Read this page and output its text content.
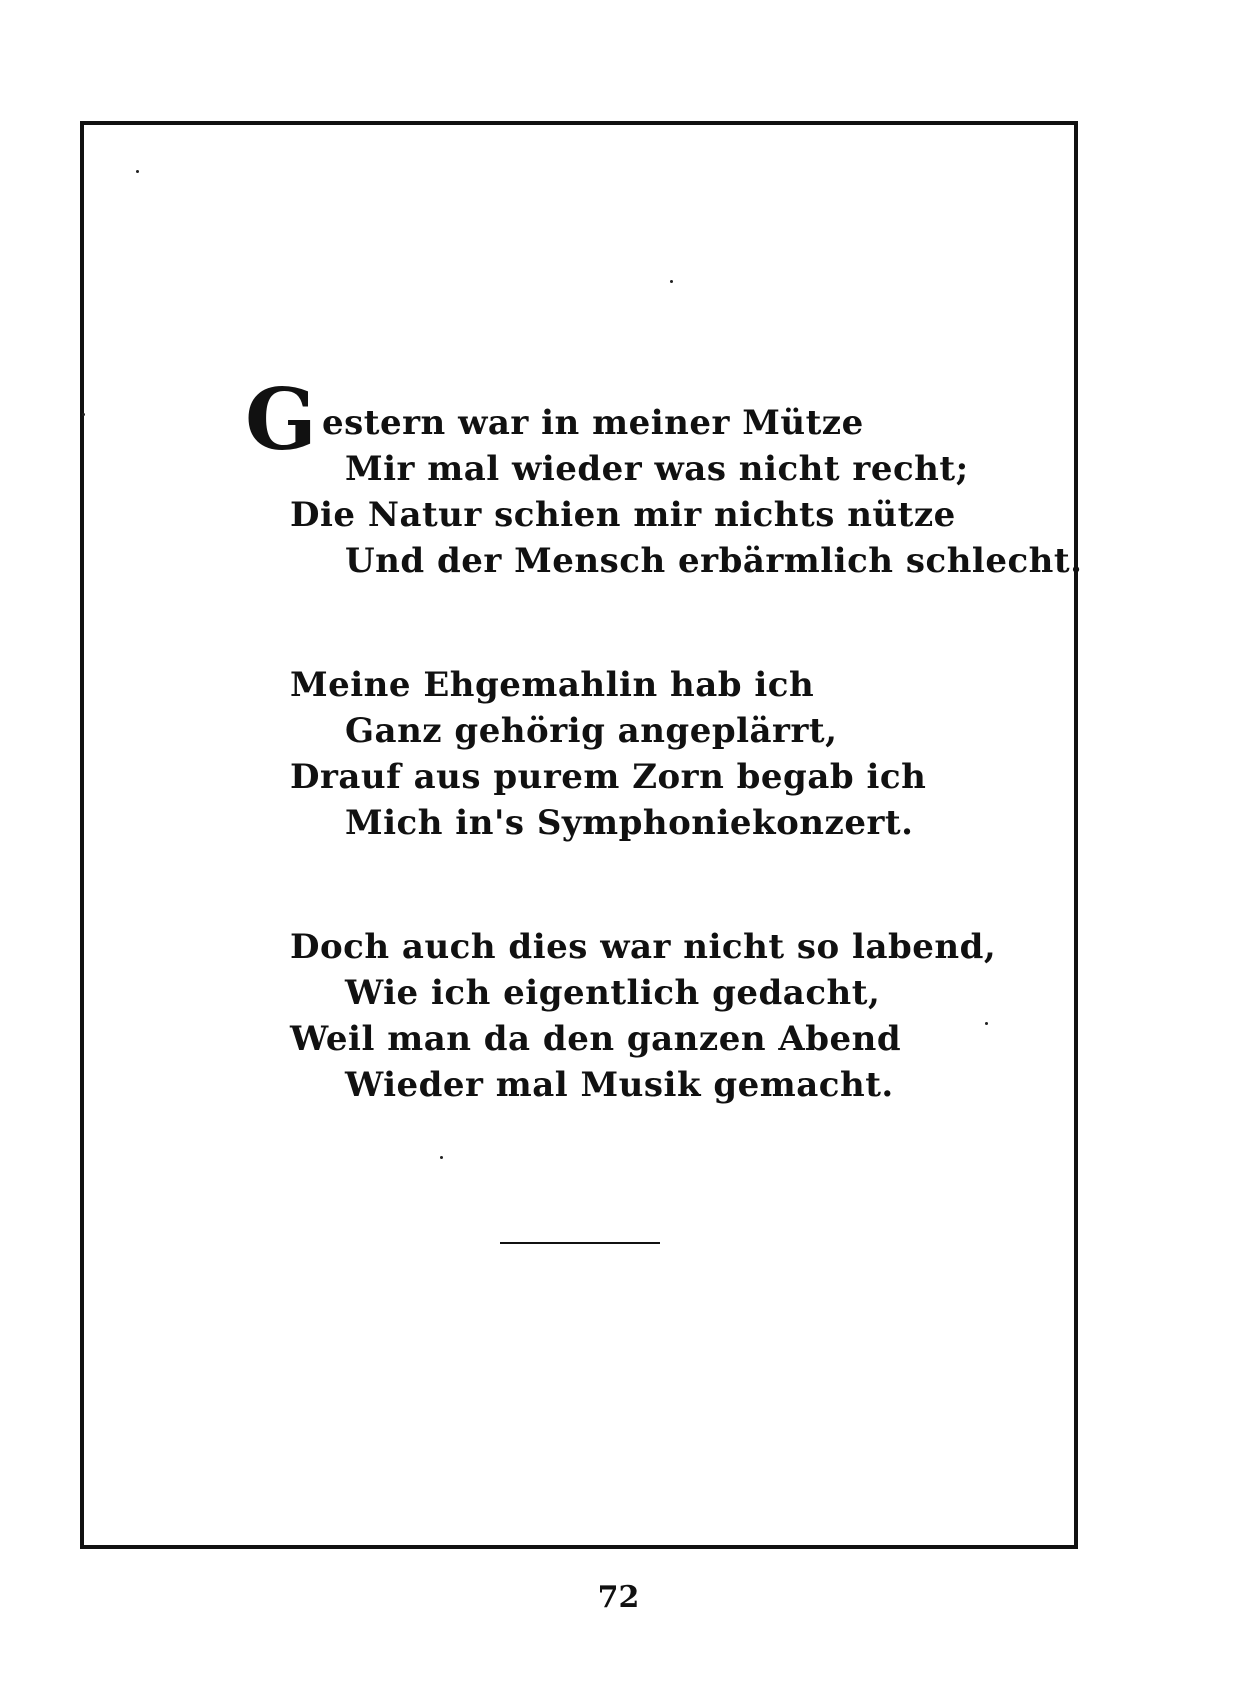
G estern war in meiner Mütze
Mir mal wieder was nicht recht;
Die Natur schien mir nichts nütze
Und der Mensch erbärmlich schlecht.
Meine Ehgemahlin hab ich
Ganz gehörig angeplärrt,
Drauf aus purem Zorn begab ich
Mich in's Symphoniekonzert.
Doch auch dies war nicht so labend,
Wie ich eigentlich gedacht,
Weil man da den ganzen Abend
Wieder mal Musik gemacht.
72
